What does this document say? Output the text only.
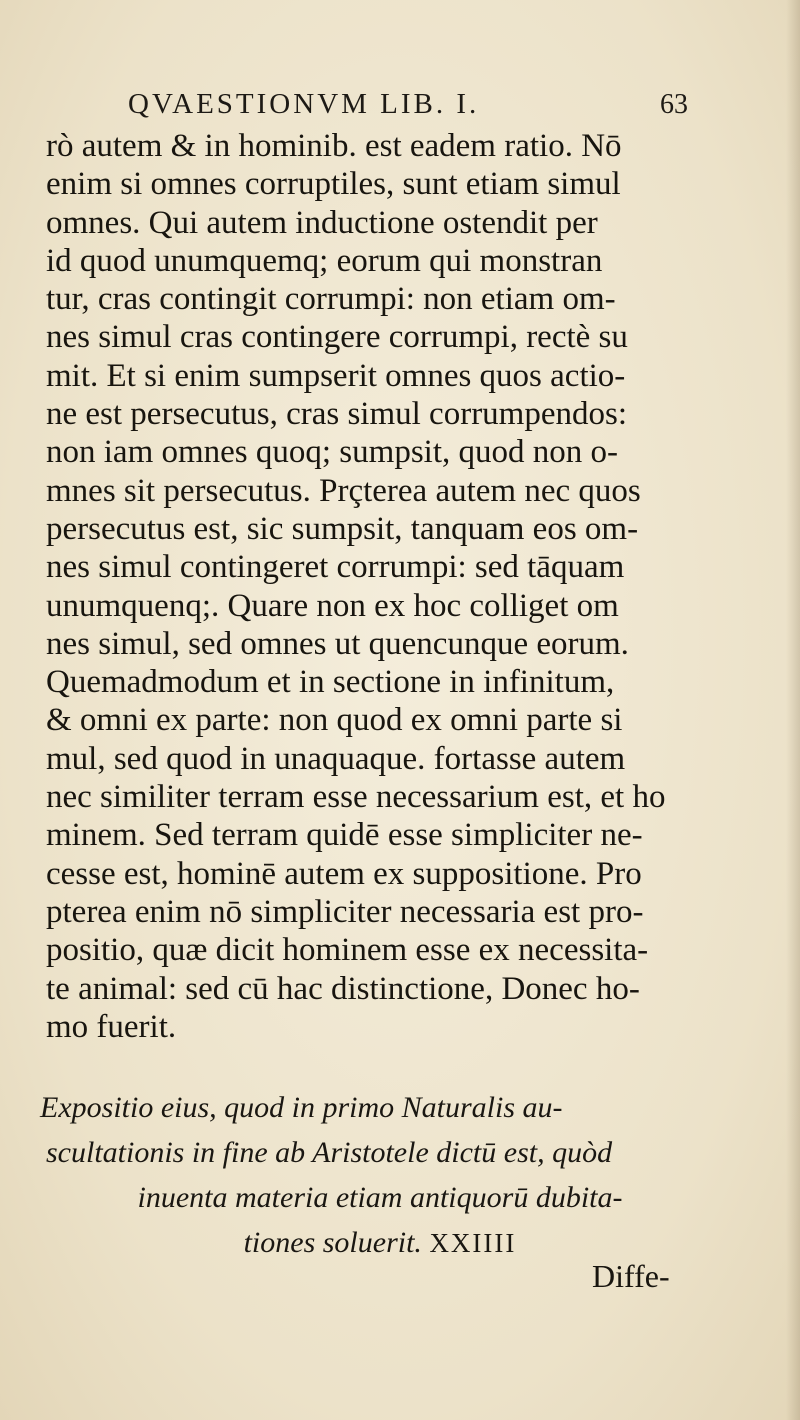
QVAESTIONVM LIB. I.	63
rò autem & in hominib. est eadem ratio. Nō
enim si omnes corruptiles, sunt etiam simul
omnes. Qui autem inductione ostendit per
id quod unumquemq; eorum qui monstran
tur, cras contingit corrumpi: non etiam om-
nes simul cras contingere corrumpi, rectè su
mit. Et si enim sumpserit omnes quos actio-
ne est persecutus, cras simul corrumpendos:
non iam omnes quoq; sumpsit, quod non o-
mnes sit persecutus. Prçterea autem nec quos
persecutus est, sic sumpsit, tanquam eos om-
nes simul contingeret corrumpi: sed tāquam
unumquenq;. Quare non ex hoc colliget om
nes simul, sed omnes ut quencunque eorum.
Quemadmodum et in sectione in infinitum,
& omni ex parte: non quod ex omni parte si
mul, sed quod in unaquaque. fortasse autem
nec similiter terram esse necessarium est, et ho
minem. Sed terram quidē esse simpliciter ne-
cesse est, hominē autem ex suppositione. Pro
pterea enim nō simpliciter necessaria est pro-
positio, quæ dicit hominem esse ex necessita-
te animal: sed cū hac distinctione, Donec ho-
mo fuerit.
Expositio eius, quod in primo Naturalis au-
scultationis in fine ab Aristotele dictū est, quòd
inuenta materia etiam antiquorū dubita-
tiones soluerit. XXIIII
Diffe-
